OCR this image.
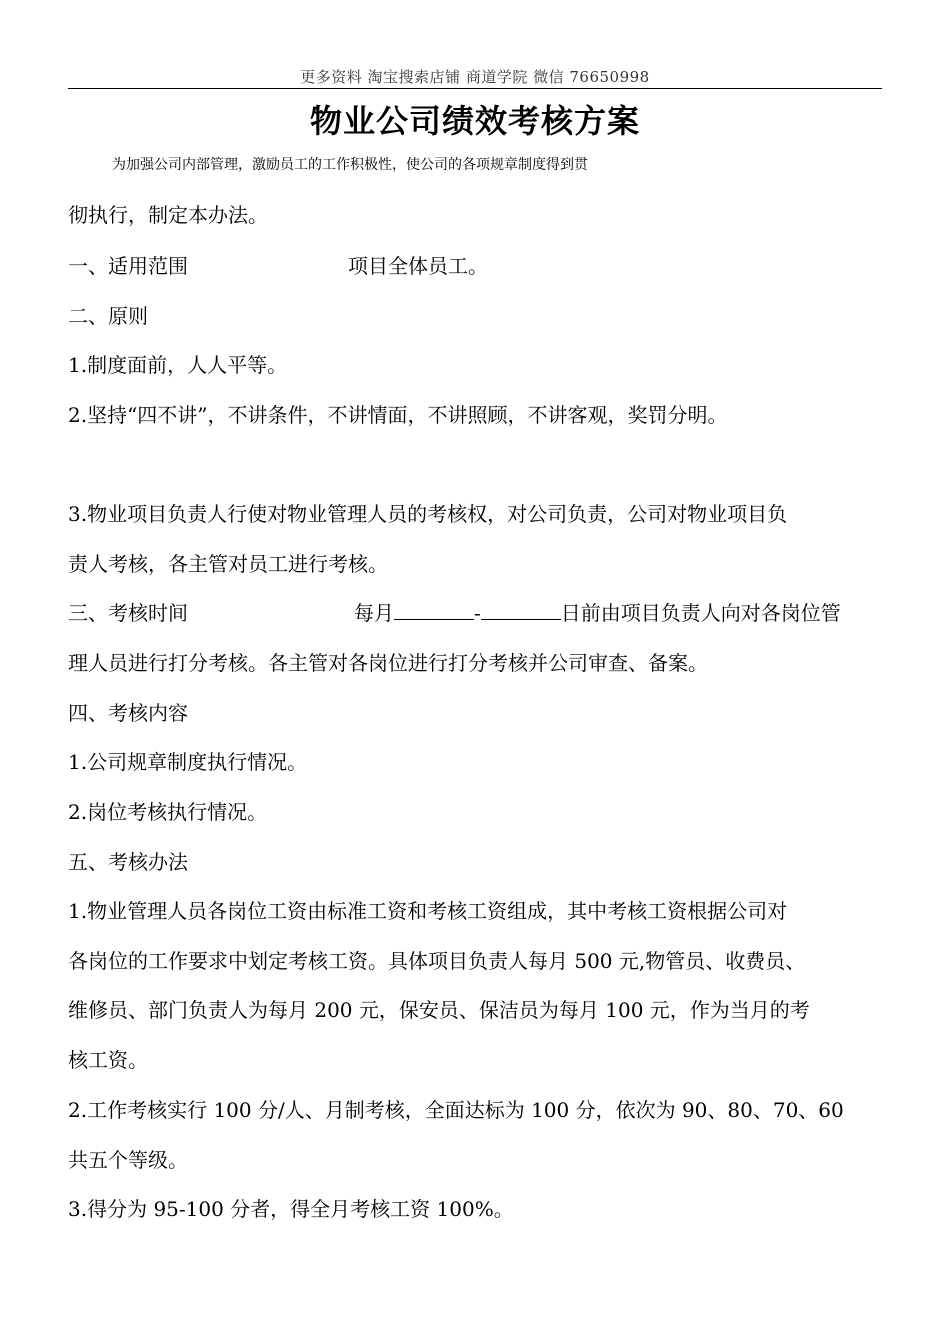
更多资料 淘宝搜索店铺 商道学院 微信 76650998
物业公司绩效考核方案
为加强公司内部管理，激励员工的工作积极性，使公司的各项规章制度得到贯
彻执行，制定本办法。
一、适用范围	项目全体员工。
二、原则
1.制度面前，人人平等。
2.坚持“四不讲”，不讲条件，不讲情面，不讲照顾，不讲客观，奖罚分明。
3.物业项目负责人行使对物业管理人员的考核权，对公司负责，公司对物业项目负
责人考核，各主管对员工进行考核。
三、考核时间	每月	-	日前由项目负责人向对各岗位管
理人员进行打分考核。各主管对各岗位进行打分考核并公司审查、备案。
四、考核内容
1.公司规章制度执行情况。
2.岗位考核执行情况。
五、考核办法
1.物业管理人员各岗位工资由标准工资和考核工资组成，其中考核工资根据公司对
各岗位的工作要求中划定考核工资。具体项目负责人每月 500 元,物管员、收费员、
维修员、部门负责人为每月 200 元，保安员、保洁员为每月 100 元，作为当月的考
核工资。
2.工作考核实行 100 分/人、月制考核，全面达标为 100 分，依次为 90、80、70、60
共五个等级。
3.得分为 95-100 分者，得全月考核工资 100%。
